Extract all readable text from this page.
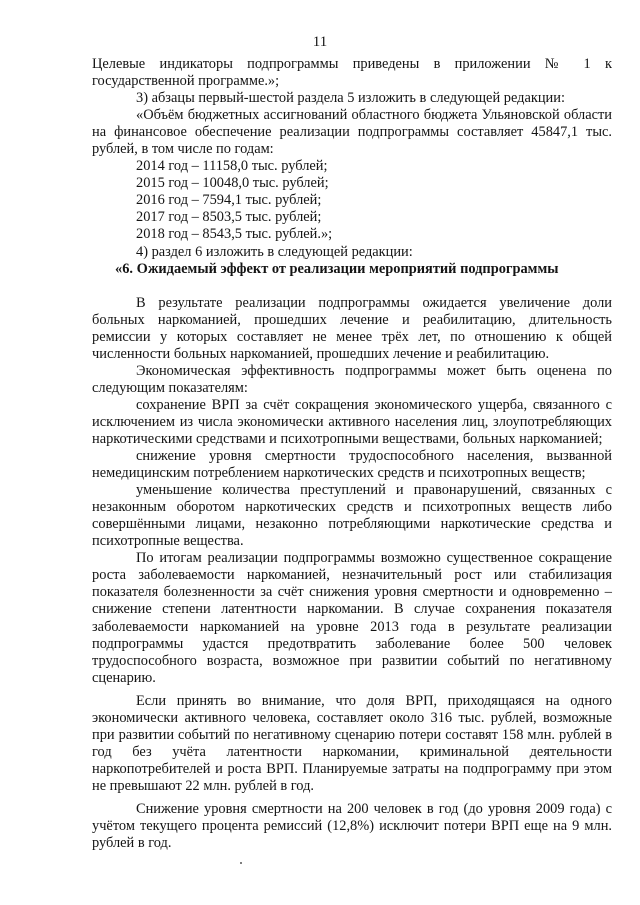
11

Целевые индикаторы подпрограммы приведены в приложении № 1 к государственной программе.»;

3) абзацы первый-шестой раздела 5 изложить в следующей редакции:

«Объём бюджетных ассигнований областного бюджета Ульяновской области на финансовое обеспечение реализации подпрограммы составляет 45847,1 тыс. рублей, в том числе по годам:

2014 год – 11158,0 тыс. рублей;

2015 год – 10048,0 тыс. рублей;

2016 год – 7594,1 тыс. рублей;

2017 год – 8503,5 тыс. рублей;

2018 год – 8543,5 тыс. рублей.»;

4) раздел 6 изложить в следующей редакции:

«6. Ожидаемый эффект от реализации мероприятий подпрограммы

В результате реализации подпрограммы ожидается увеличение доли больных наркоманией, прошедших лечение и реабилитацию, длительность ремиссии у которых составляет не менее трёх лет, по отношению к общей численности больных наркоманией, прошедших лечение и реабилитацию.

Экономическая эффективность подпрограммы может быть оценена по следующим показателям:

сохранение ВРП за счёт сокращения экономического ущерба, связанного с исключением из числа экономически активного населения лиц, злоупотребляющих наркотическими средствами и психотропными веществами, больных наркоманией;

снижение уровня смертности трудоспособного населения, вызванной немедицинским потреблением наркотических средств и психотропных веществ;

уменьшение количества преступлений и правонарушений, связанных с незаконным оборотом наркотических средств и психотропных веществ либо совершёнными лицами, незаконно потребляющими наркотические средства и психотропные вещества.

По итогам реализации подпрограммы возможно существенное сокращение роста заболеваемости наркоманией, незначительный рост или стабилизация показателя болезненности за счёт снижения уровня смертности и одновременно – снижение степени латентности наркомании. В случае сохранения показателя заболеваемости наркоманией на уровне 2013 года в результате реализации подпрограммы удастся предотвратить заболевание более 500 человек трудоспособного возраста, возможное при развитии событий по негативному сценарию.

Если принять во внимание, что доля ВРП, приходящаяся на одного экономически активного человека, составляет около 316 тыс. рублей, возможные при развитии событий по негативному сценарию потери составят 158 млн. рублей в год без учёта латентности наркомании, криминальной деятельности наркопотребителей и роста ВРП. Планируемые затраты на подпрограмму при этом не превышают 22 млн. рублей в год.

Снижение уровня смертности на 200 человек в год (до уровня 2009 года) с учётом текущего процента ремиссий (12,8%) исключит потери ВРП еще на 9 млн. рублей в год.
